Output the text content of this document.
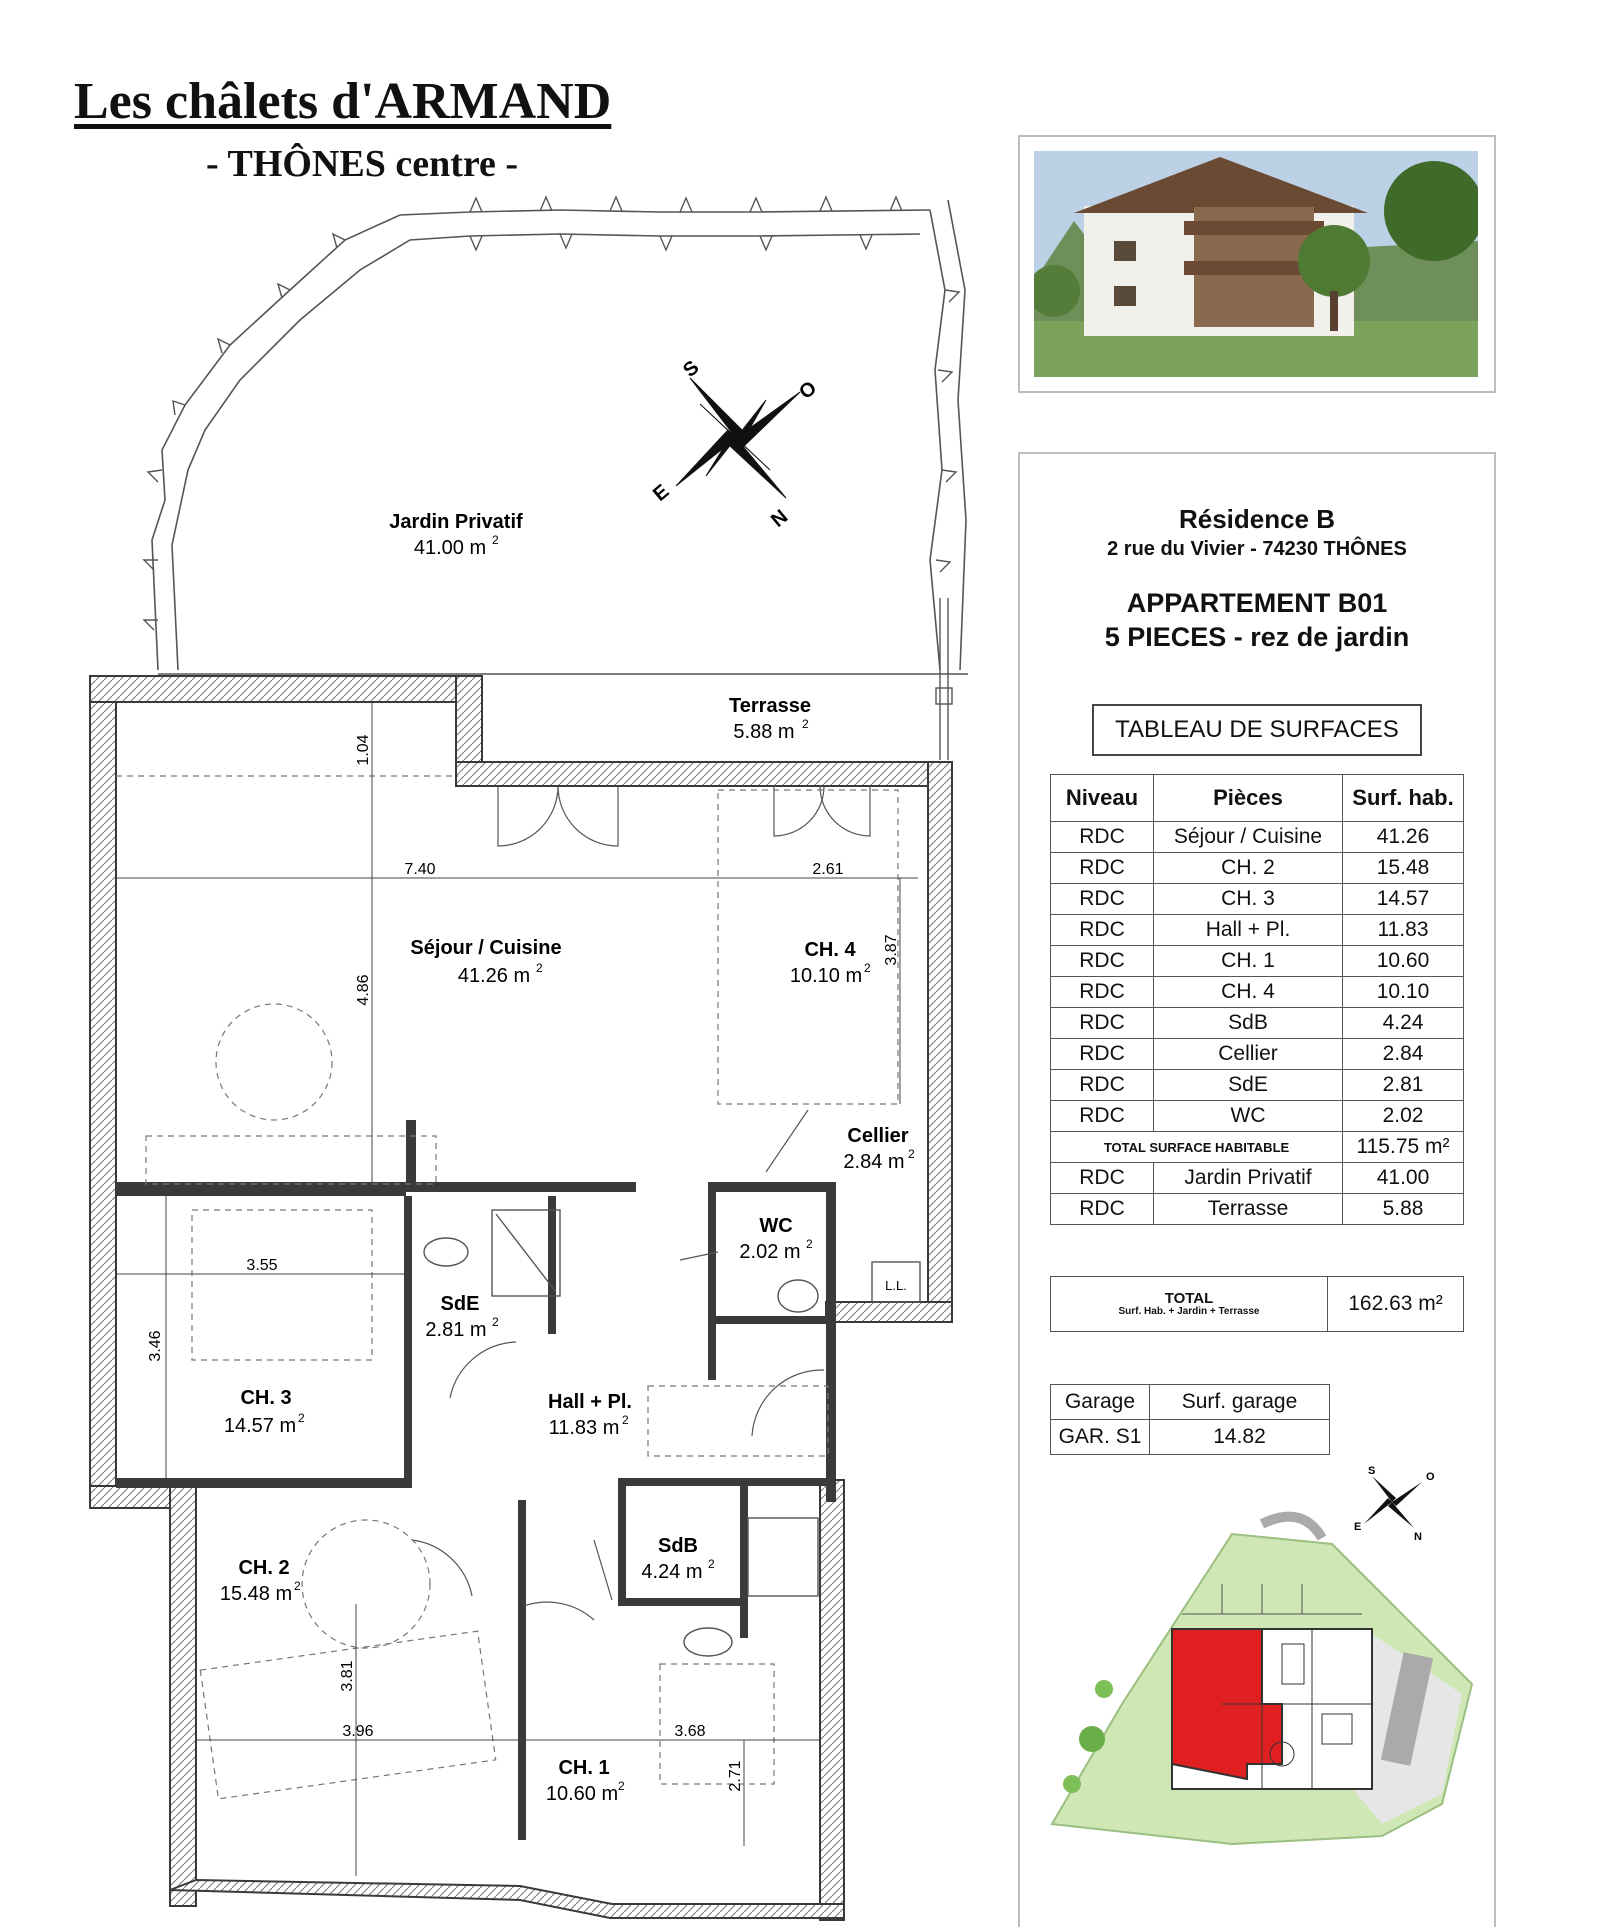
Les châlets d'ARMAND
- THÔNES centre -
S
O
E
N
Jardin Privatif
41.00 m
Terrasse
5.88 m
Séjour / Cuisine
41.26 m
CH. 4
10.10 m
Cellier
2.84 m
WC
2.02 m
SdE
2.81 m
CH. 3
14.57 m
Hall + Pl.
11.83 m
SdB
4.24 m
CH. 2
15.48 m
CH. 1
10.60 m
2
2
2	2
2
2
2
2	2
2
2
2
L.L.
7.40	2.61
3.55
3.96	3.68
1.04
4.86
3.87
3.46
3.81
2.71
Résidence B
2 rue du Vivier - 74230 THÔNES
APPARTEMENT B01
5 PIECES - rez de jardin
TABLEAU DE SURFACES
Niveau	Pièces	Surf. hab.
RDC	Séjour / Cuisine	41.26
RDC	CH. 2	15.48
RDC	CH. 3	14.57
RDC	Hall + Pl.	11.83
RDC	CH. 1	10.60
RDC	CH. 4	10.10
RDC	SdB	4.24
RDC	Cellier	2.84
RDC	SdE	2.81
RDC	WC	2.02
TOTAL SURFACE HABITABLE		115.75 m²
RDC	Jardin Privatif	41.00
RDC	Terrasse	5.88
TOTAL
Surf. Hab. + Jardin + Terrasse	162.63 m²
Garage	Surf. garage
GAR. S1	14.82
S	O
E
N
